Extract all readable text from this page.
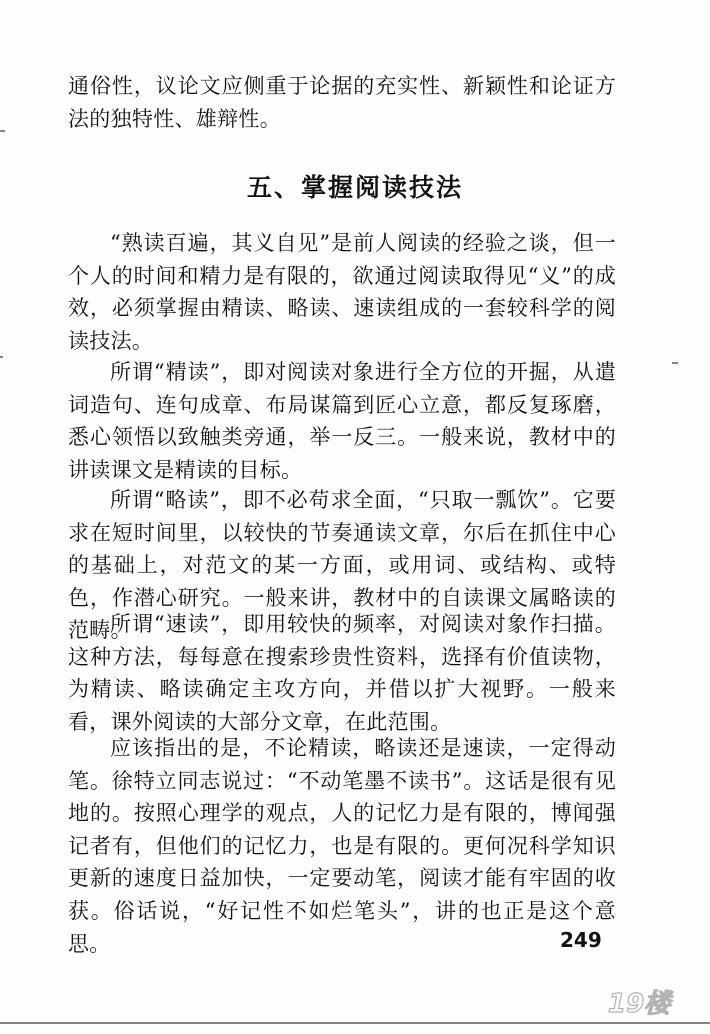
通俗性，议论文应侧重于论据的充实性、新颖性和论证方法的独特性、雄辩性。

五、掌握阅读技法

“熟读百遍，其义自见”是前人阅读的经验之谈，但一个人的时间和精力是有限的，欲通过阅读取得见“义”的成效，必须掌握由精读、略读、速读组成的一套较科学的阅读技法。

所谓“精读”，即对阅读对象进行全方位的开掘，从遣词造句、连句成章、布局谋篇到匠心立意，都反复琢磨，悉心领悟以致触类旁通，举一反三。一般来说，教材中的讲读课文是精读的目标。

所谓“略读”，即不必苟求全面，“只取一瓢饮”。它要求在短时间里，以较快的节奏通读文章，尔后在抓住中心的基础上，对范文的某一方面，或用词、或结构、或特色，作潜心研究。一般来讲，教材中的自读课文属略读的范畴。

所谓“速读”，即用较快的频率，对阅读对象作扫描。这种方法，每每意在搜索珍贵性资料，选择有价值读物，为精读、略读确定主攻方向，并借以扩大视野。一般来看，课外阅读的大部分文章，在此范围。

应该指出的是，不论精读，略读还是速读，一定得动笔。徐特立同志说过：“不动笔墨不读书”。这话是很有见地的。按照心理学的观点，人的记忆力是有限的，博闻强记者有，但他们的记忆力，也是有限的。更何况科学知识更新的速度日益加快，一定要动笔，阅读才能有牢固的收获。俗话说，“好记性不如烂笔头”，讲的也正是这个意思。	249
19楼
